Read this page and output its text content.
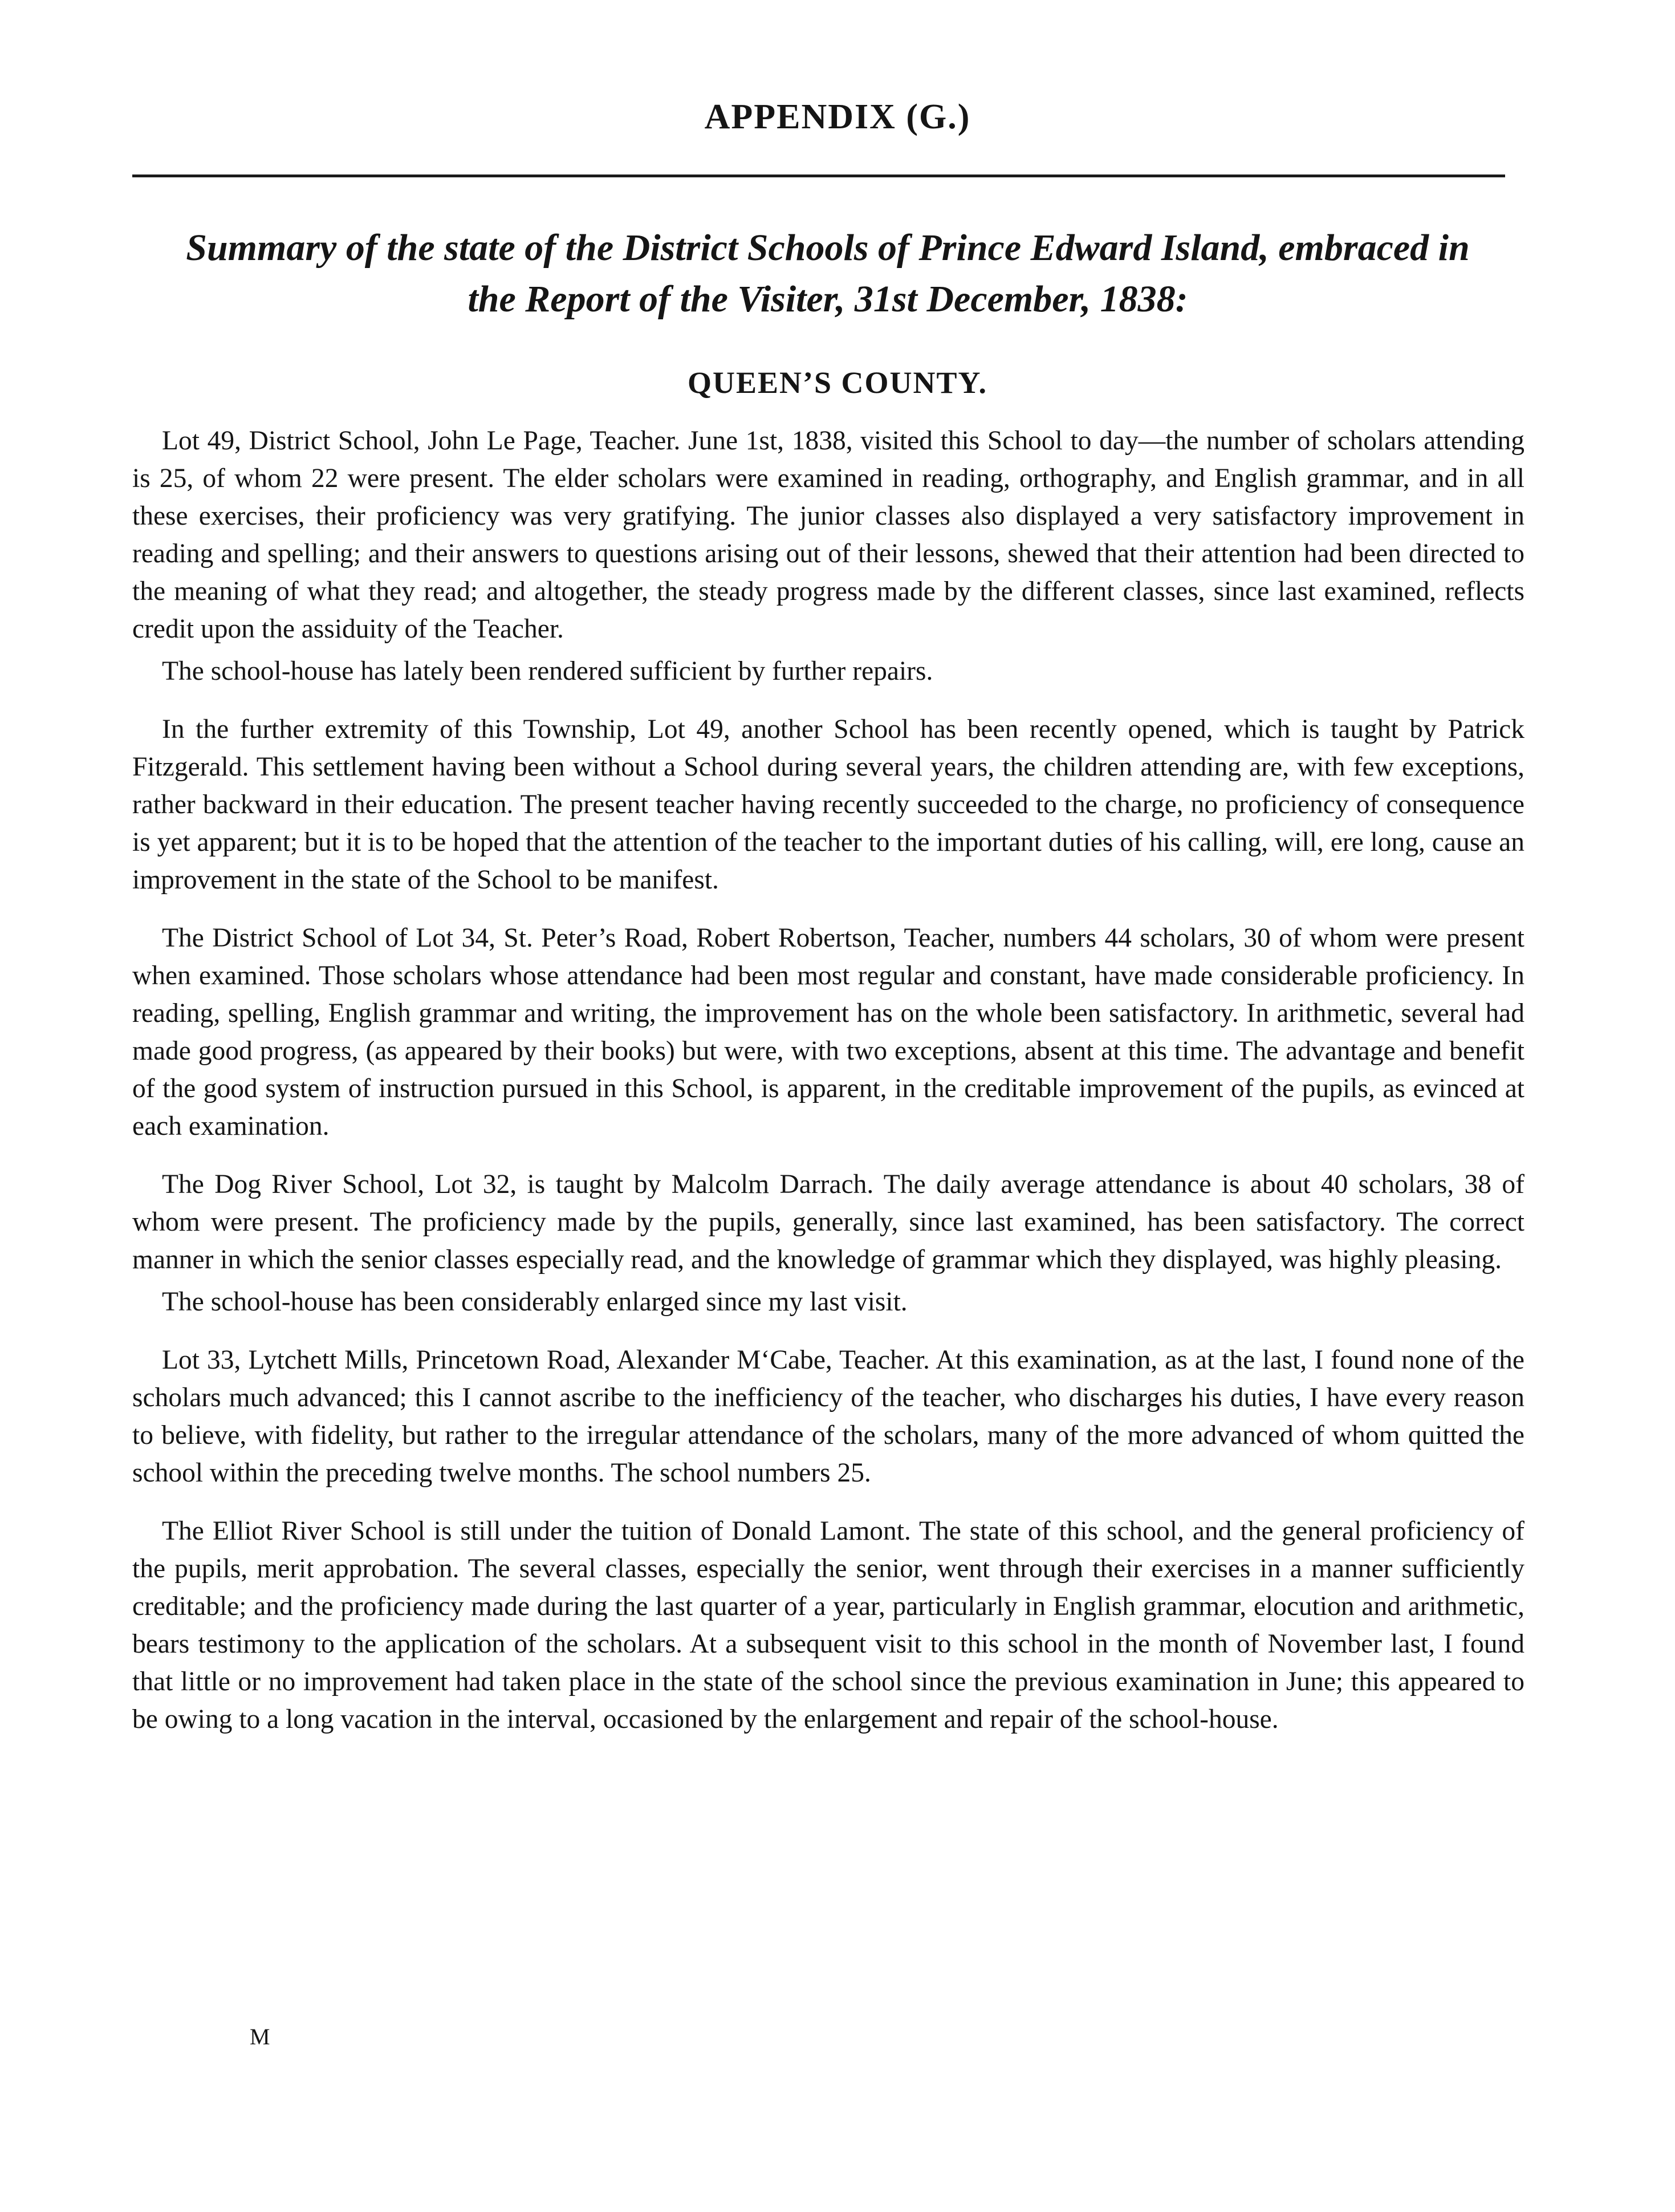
APPENDIX (G.)
Summary of the state of the District Schools of Prince Edward Island, embraced in
the Report of the Visiter, 31st December, 1838:
QUEEN’S COUNTY.

Lot 49, District School, John Le Page, Teacher. June 1st, 1838, visited this School to day—the number of scholars attending is 25, of whom 22 were present. The elder scholars were examined in reading, orthography, and English grammar, and in all these exercises, their proficiency was very gratifying. The junior classes also displayed a very satisfactory improvement in reading and spelling; and their answers to questions arising out of their lessons, shewed that their attention had been directed to the meaning of what they read; and altogether, the steady progress made by the different classes, since last examined, reflects credit upon the assiduity of the Teacher.

The school-house has lately been rendered sufficient by further repairs.

In the further extremity of this Township, Lot 49, another School has been recently opened, which is taught by Patrick Fitzgerald. This settlement having been without a School during several years, the children attending are, with few exceptions, rather backward in their education. The present teacher having recently succeeded to the charge, no proficiency of consequence is yet apparent; but it is to be hoped that the attention of the teacher to the important duties of his calling, will, ere long, cause an improvement in the state of the School to be manifest.

The District School of Lot 34, St. Peter’s Road, Robert Robertson, Teacher, numbers 44 scholars, 30 of whom were present when examined. Those scholars whose attendance had been most regular and constant, have made considerable proficiency. In reading, spelling, English grammar and writing, the improvement has on the whole been satisfactory. In arithmetic, several had made good progress, (as appeared by their books) but were, with two exceptions, absent at this time. The advantage and benefit of the good system of instruction pursued in this School, is apparent, in the creditable improvement of the pupils, as evinced at each examination.

The Dog River School, Lot 32, is taught by Malcolm Darrach. The daily average attendance is about 40 scholars, 38 of whom were present. The proficiency made by the pupils, generally, since last examined, has been satisfactory. The correct manner in which the senior classes especially read, and the knowledge of grammar which they displayed, was highly pleasing.

The school-house has been considerably enlarged since my last visit.

Lot 33, Lytchett Mills, Princetown Road, Alexander M‘Cabe, Teacher. At this examination, as at the last, I found none of the scholars much advanced; this I cannot ascribe to the inefficiency of the teacher, who discharges his duties, I have every reason to believe, with fidelity, but rather to the irregular attendance of the scholars, many of the more advanced of whom quitted the school within the preceding twelve months. The school numbers 25.

The Elliot River School is still under the tuition of Donald Lamont. The state of this school, and the general proficiency of the pupils, merit approbation. The several classes, especially the senior, went through their exercises in a manner sufficiently creditable; and the proficiency made during the last quarter of a year, particularly in English grammar, elocution and arithmetic, bears testimony to the application of the scholars. At a subsequent visit to this school in the month of November last, I found that little or no improvement had taken place in the state of the school since the previous examination in June; this appeared to be owing to a long vacation in the interval, occasioned by the enlargement and repair of the school-house.

M
